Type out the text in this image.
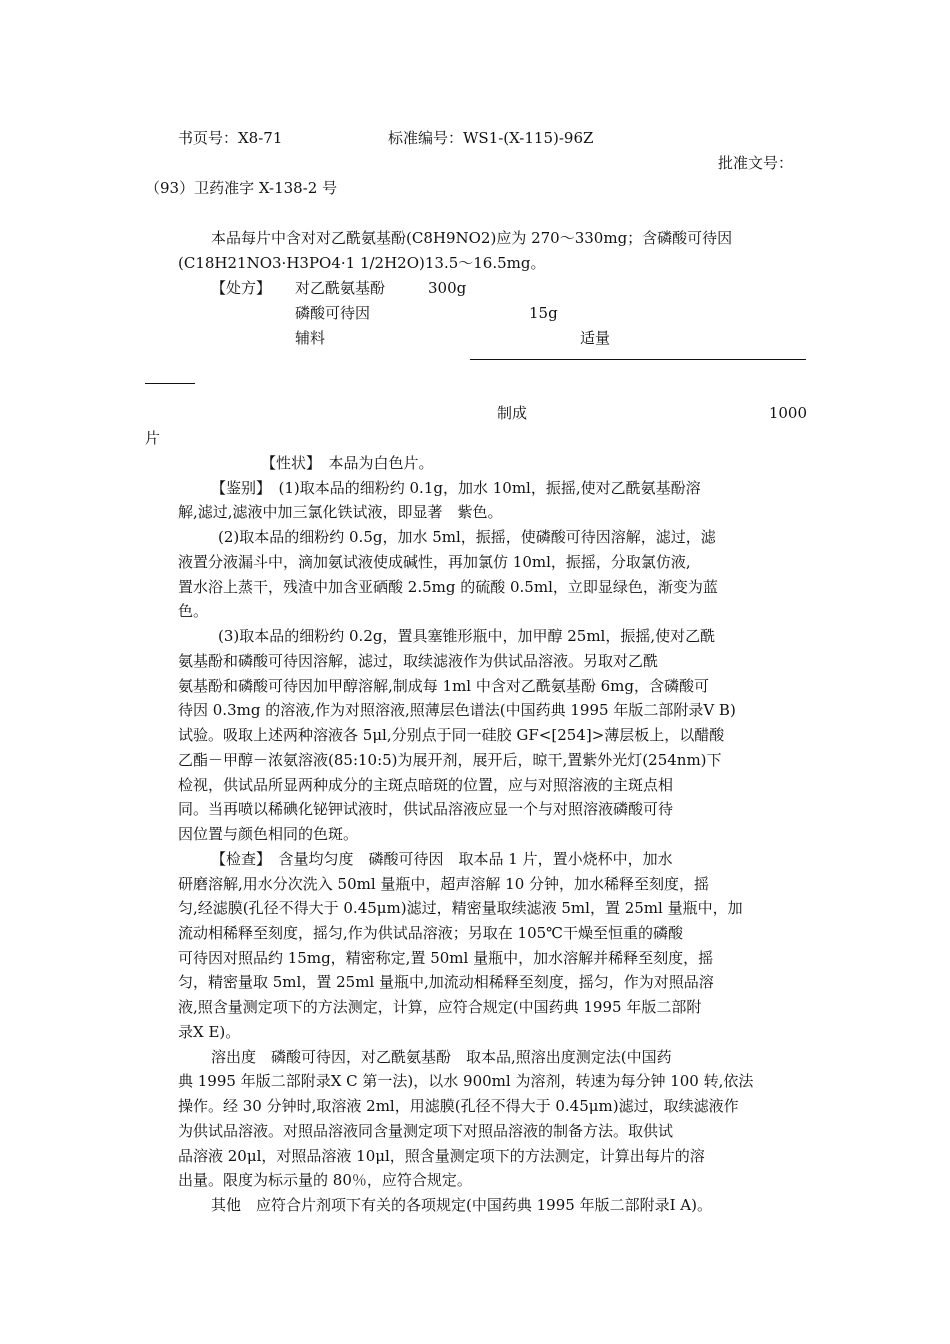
书页号：X8-71	标准编号：WS1-(X-115)-96Z
批准文号：
（93）卫药准字 X-138-2 号
本品每片中含对对乙酰氨基酚(C8H9NO2)应为 270～330mg；含磷酸可待因
(C18H21NO3·H3PO4·1 1/2H2O)13.5～16.5mg。
【处方】 对乙酰氨基酚	300g
磷酸可待因	15g
辅料	适量
制成	1000
片
【性状】　本品为白色片。
【鉴别】　(1)取本品的细粉约 0.1g，加水 10ml，振摇,使对乙酰氨基酚溶
解,滤过,滤液中加三氯化铁试液，即显著　紫色。
(2)取本品的细粉约 0.5g，加水 5ml，振摇，使磷酸可待因溶解，滤过，滤
液置分液漏斗中，滴加氨试液使成碱性，再加氯仿 10ml，振摇，分取氯仿液,
置水浴上蒸干，残渣中加含亚硒酸 2.5mg 的硫酸 0.5ml，立即显绿色，渐变为蓝
色。
(3)取本品的细粉约 0.2g，置具塞锥形瓶中，加甲醇 25ml，振摇,使对乙酰
氨基酚和磷酸可待因溶解，滤过，取续滤液作为供试品溶液。另取对乙酰
氨基酚和磷酸可待因加甲醇溶解,制成每 1ml 中含对乙酰氨基酚 6mg，含磷酸可
待因 0.3mg 的溶液,作为对照溶液,照薄层色谱法(中国药典 1995 年版二部附录Ⅴ B)
试验。吸取上述两种溶液各 5μl,分别点于同一硅胶 GF<[254]>薄层板上，以醋酸
乙酯－甲醇－浓氨溶液(85:10:5)为展开剂，展开后，晾干,置紫外光灯(254nm)下
检视，供试品所显两种成分的主斑点暗斑的位置，应与对照溶液的主斑点相
同。当再喷以稀碘化铋钾试液时，供试品溶液应显一个与对照溶液磷酸可待
因位置与颜色相同的色斑。
【检查】　含量均匀度　磷酸可待因　取本品 1 片，置小烧杯中，加水
研磨溶解,用水分次洗入 50ml 量瓶中，超声溶解 10 分钟，加水稀释至刻度，摇
匀,经滤膜(孔径不得大于 0.45μm)滤过，精密量取续滤液 5ml，置 25ml 量瓶中，加
流动相稀释至刻度，摇匀,作为供试品溶液；另取在 105℃干燥至恒重的磷酸
可待因对照品约 15mg，精密称定,置 50ml 量瓶中，加水溶解并稀释至刻度，摇
匀，精密量取 5ml，置 25ml 量瓶中,加流动相稀释至刻度，摇匀，作为对照品溶
液,照含量测定项下的方法测定，计算，应符合规定(中国药典 1995 年版二部附
录Ⅹ E)。
溶出度　磷酸可待因，对乙酰氨基酚　取本品,照溶出度测定法(中国药
典 1995 年版二部附录Ⅹ C 第一法)，以水 900ml 为溶剂，转速为每分钟 100 转,依法
操作。经 30 分钟时,取溶液 2ml，用滤膜(孔径不得大于 0.45μm)滤过，取续滤液作
为供试品溶液。对照品溶液同含量测定项下对照品溶液的制备方法。取供试
品溶液 20μl，对照品溶液 10μl，照含量测定项下的方法测定，计算出每片的溶
出量。限度为标示量的 80％，应符合规定。
其他　应符合片剂项下有关的各项规定(中国药典 1995 年版二部附录Ⅰ A)。
